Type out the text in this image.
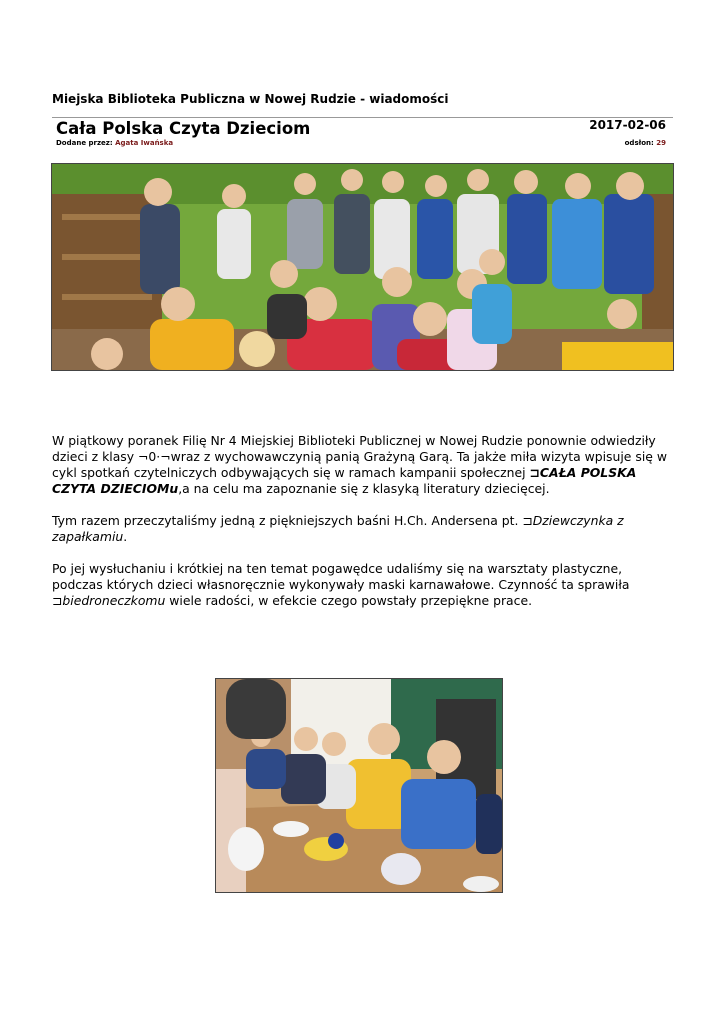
Miejska Biblioteka Publiczna w Nowej Rudzie - wiadomości
Cała Polska Czyta Dzieciom	2017-02-06
Dodane przez: Agata Iwańska	odsłon: 29

W piątkowy poranek Filię Nr 4 Miejskiej Biblioteki Publicznej w Nowej Rudzie ponownie odwiedziły dzieci z klasy ¬0·¬wraz z wychowawczynią panią Grażyną Garą. Ta jakże miła wizyta wpisuje się w cykl spotkań czytelniczych odbywających się w ramach kampanii społecznej ⊐CAŁA POLSKA CZYTA DZIECIOMu,a na celu ma zapoznanie się z klasyką literatury dziecięcej.

Tym razem przeczytaliśmy jedną z piękniejszych baśni H.Ch. Andersena pt. ⊐Dziewczynka z zapałkamiu.

Po jej wysłuchaniu i krótkiej na ten temat pogawędce udaliśmy się na warsztaty plastyczne, podczas których dzieci własnoręcznie wykonywały maski karnawałowe. Czynność ta sprawiła ⊐biedroneczkomu wiele radości, w efekcie czego powstały przepiękne prace.
